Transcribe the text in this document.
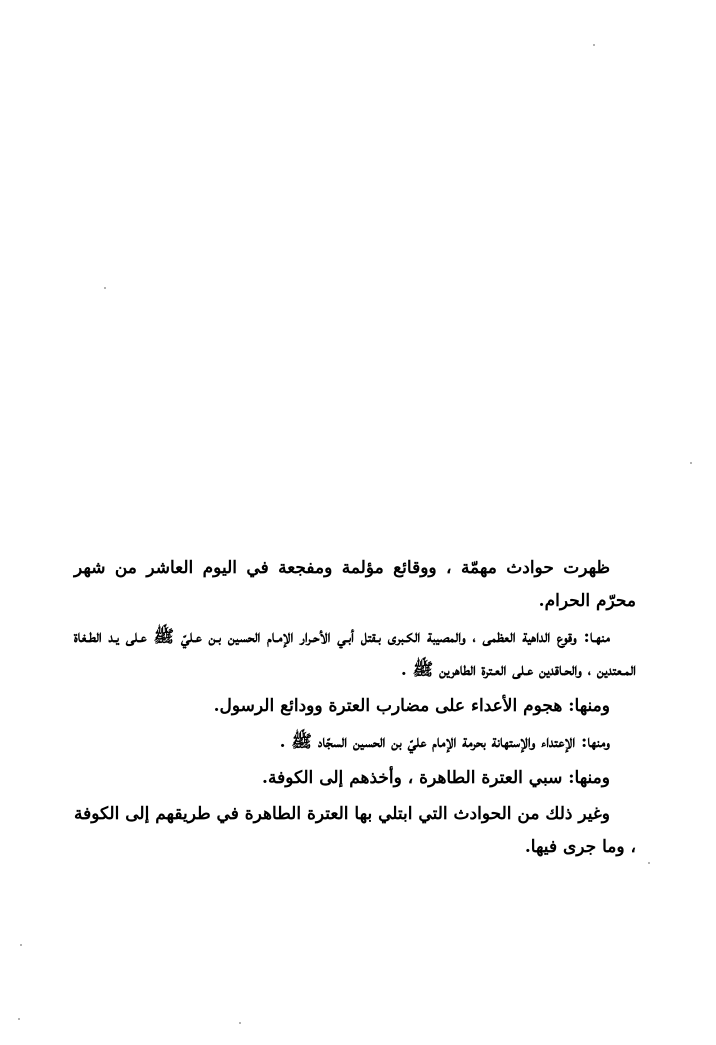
ظهرت حوادث مهمّة ، ووقائع مؤلمة ومفجعة في اليوم العاشر من شهر محرّم الحرام.

منهـا: وقوع الداهية العظمى ، والمصيبة الكـبرى بـقتل أبـي الأحـرار الإمـام الحسين بـن عـليّ ﷺ عـلى يـد الطـغاة المـعتدين ، والحـاقدين عـلى العـترة الطاهرين ﷺ .

ومنها: هجوم الأعداء على مضارب العترة وودائع الرسول.

ومنها: الإعتداء والإستهانة بحرمة الإمام عليّ بن الحسين السجّاد ﷺ .

ومنها: سبي العترة الطاهرة ، وأخذهم إلى الكوفة.

وغير ذلك من الحوادث التي ابتلي بها العترة الطاهرة في طريقهم إلى الكوفة ، وما جرى فيها.
